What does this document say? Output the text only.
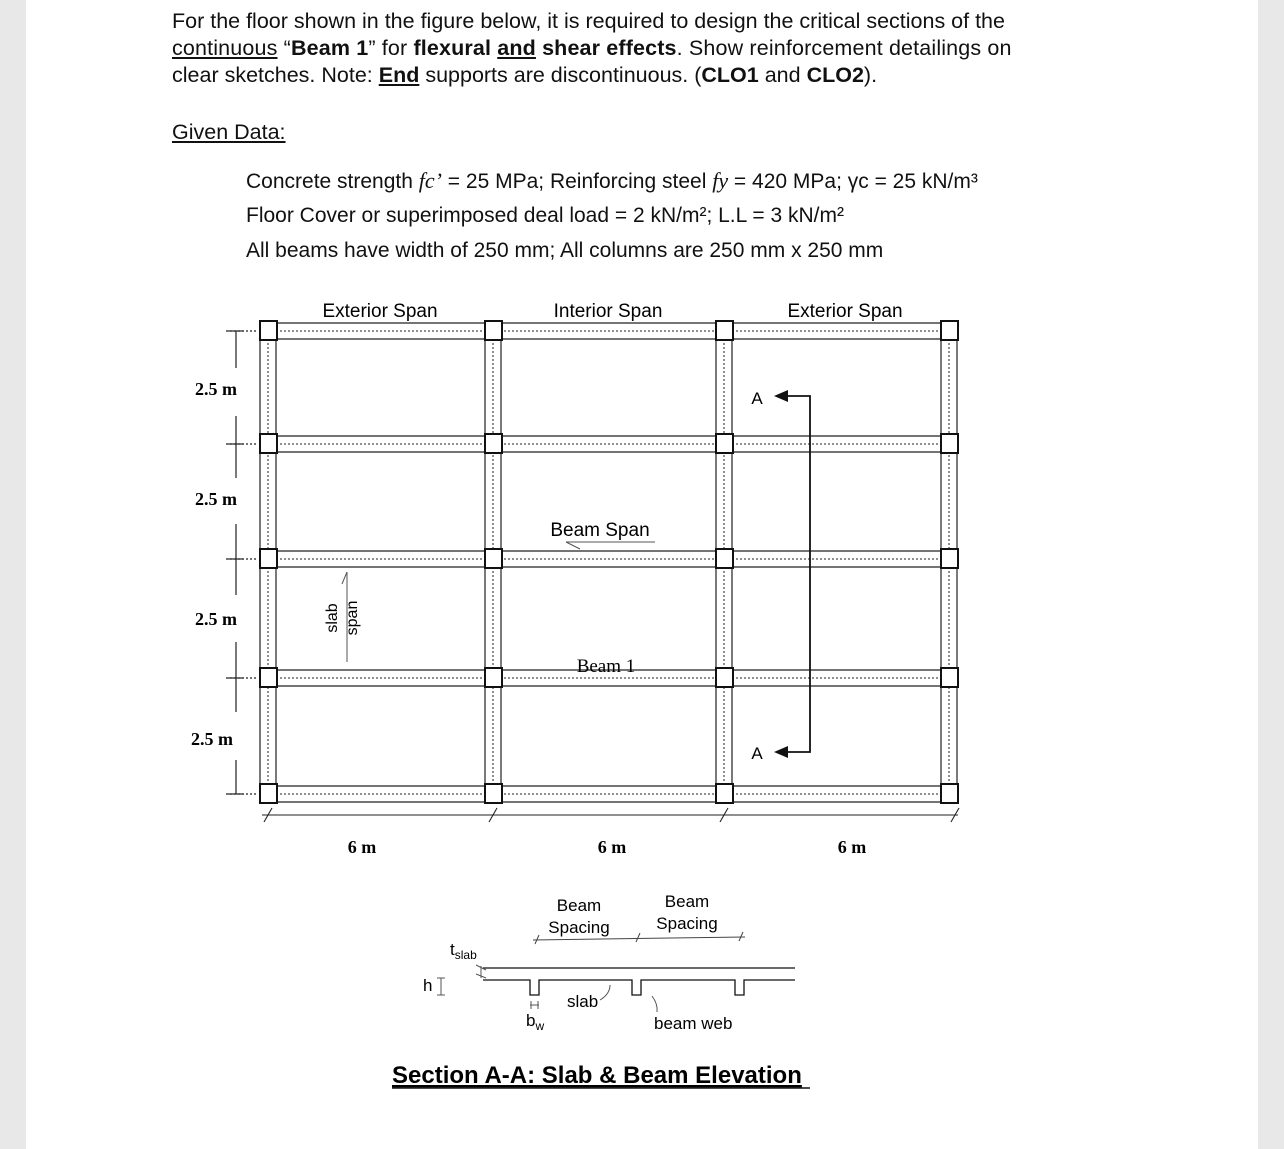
For the floor shown in the figure below, it is required to design the critical sections of the
continuous “Beam 1” for flexural and shear effects. Show reinforcement detailings on
clear sketches. Note: End supports are discontinuous. (CLO1 and CLO2).
Given Data:
Concrete strength fc’ = 25 MPa; Reinforcing steel fy = 420 MPa; γc = 25 kN/m³
Floor Cover or superimposed deal load = 2 kN/m²; L.L = 3 kN/m²
All beams have width of 250 mm; All columns are 250 mm x 250 mm
Exterior Span	Interior Span	Exterior Span
2.5 m
2.5 m
2.5 m
2.5 m
6 m	6 m	6 m
A
A
Beam Span
Beam 1
slab span
Beam
Spacing
Beam
Spacing
$t_{slab}$
h
slab
$b_w$	beam web
Section A-A: Slab & Beam Elevation
